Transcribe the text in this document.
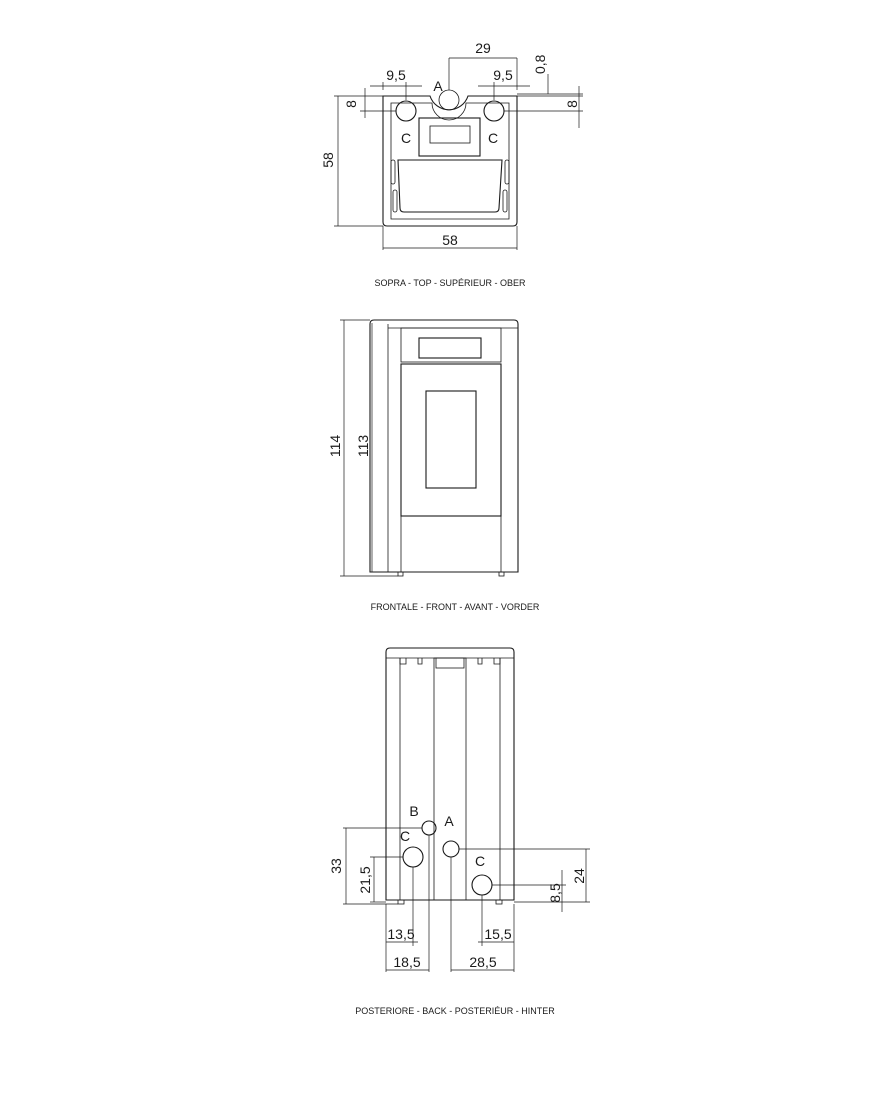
29
0,8
9,5	9,5
8	8
58
58
A
C	C
SOPRA - TOP - SUPÉRIEUR - OBER
114 113
FRONTALE - FRONT - AVANT - VORDER
B
C
A
C
33
21,5
13,5
18,5
15,5
28,5
24
8,5
POSTERIORE - BACK - POSTERIÉUR - HINTER
